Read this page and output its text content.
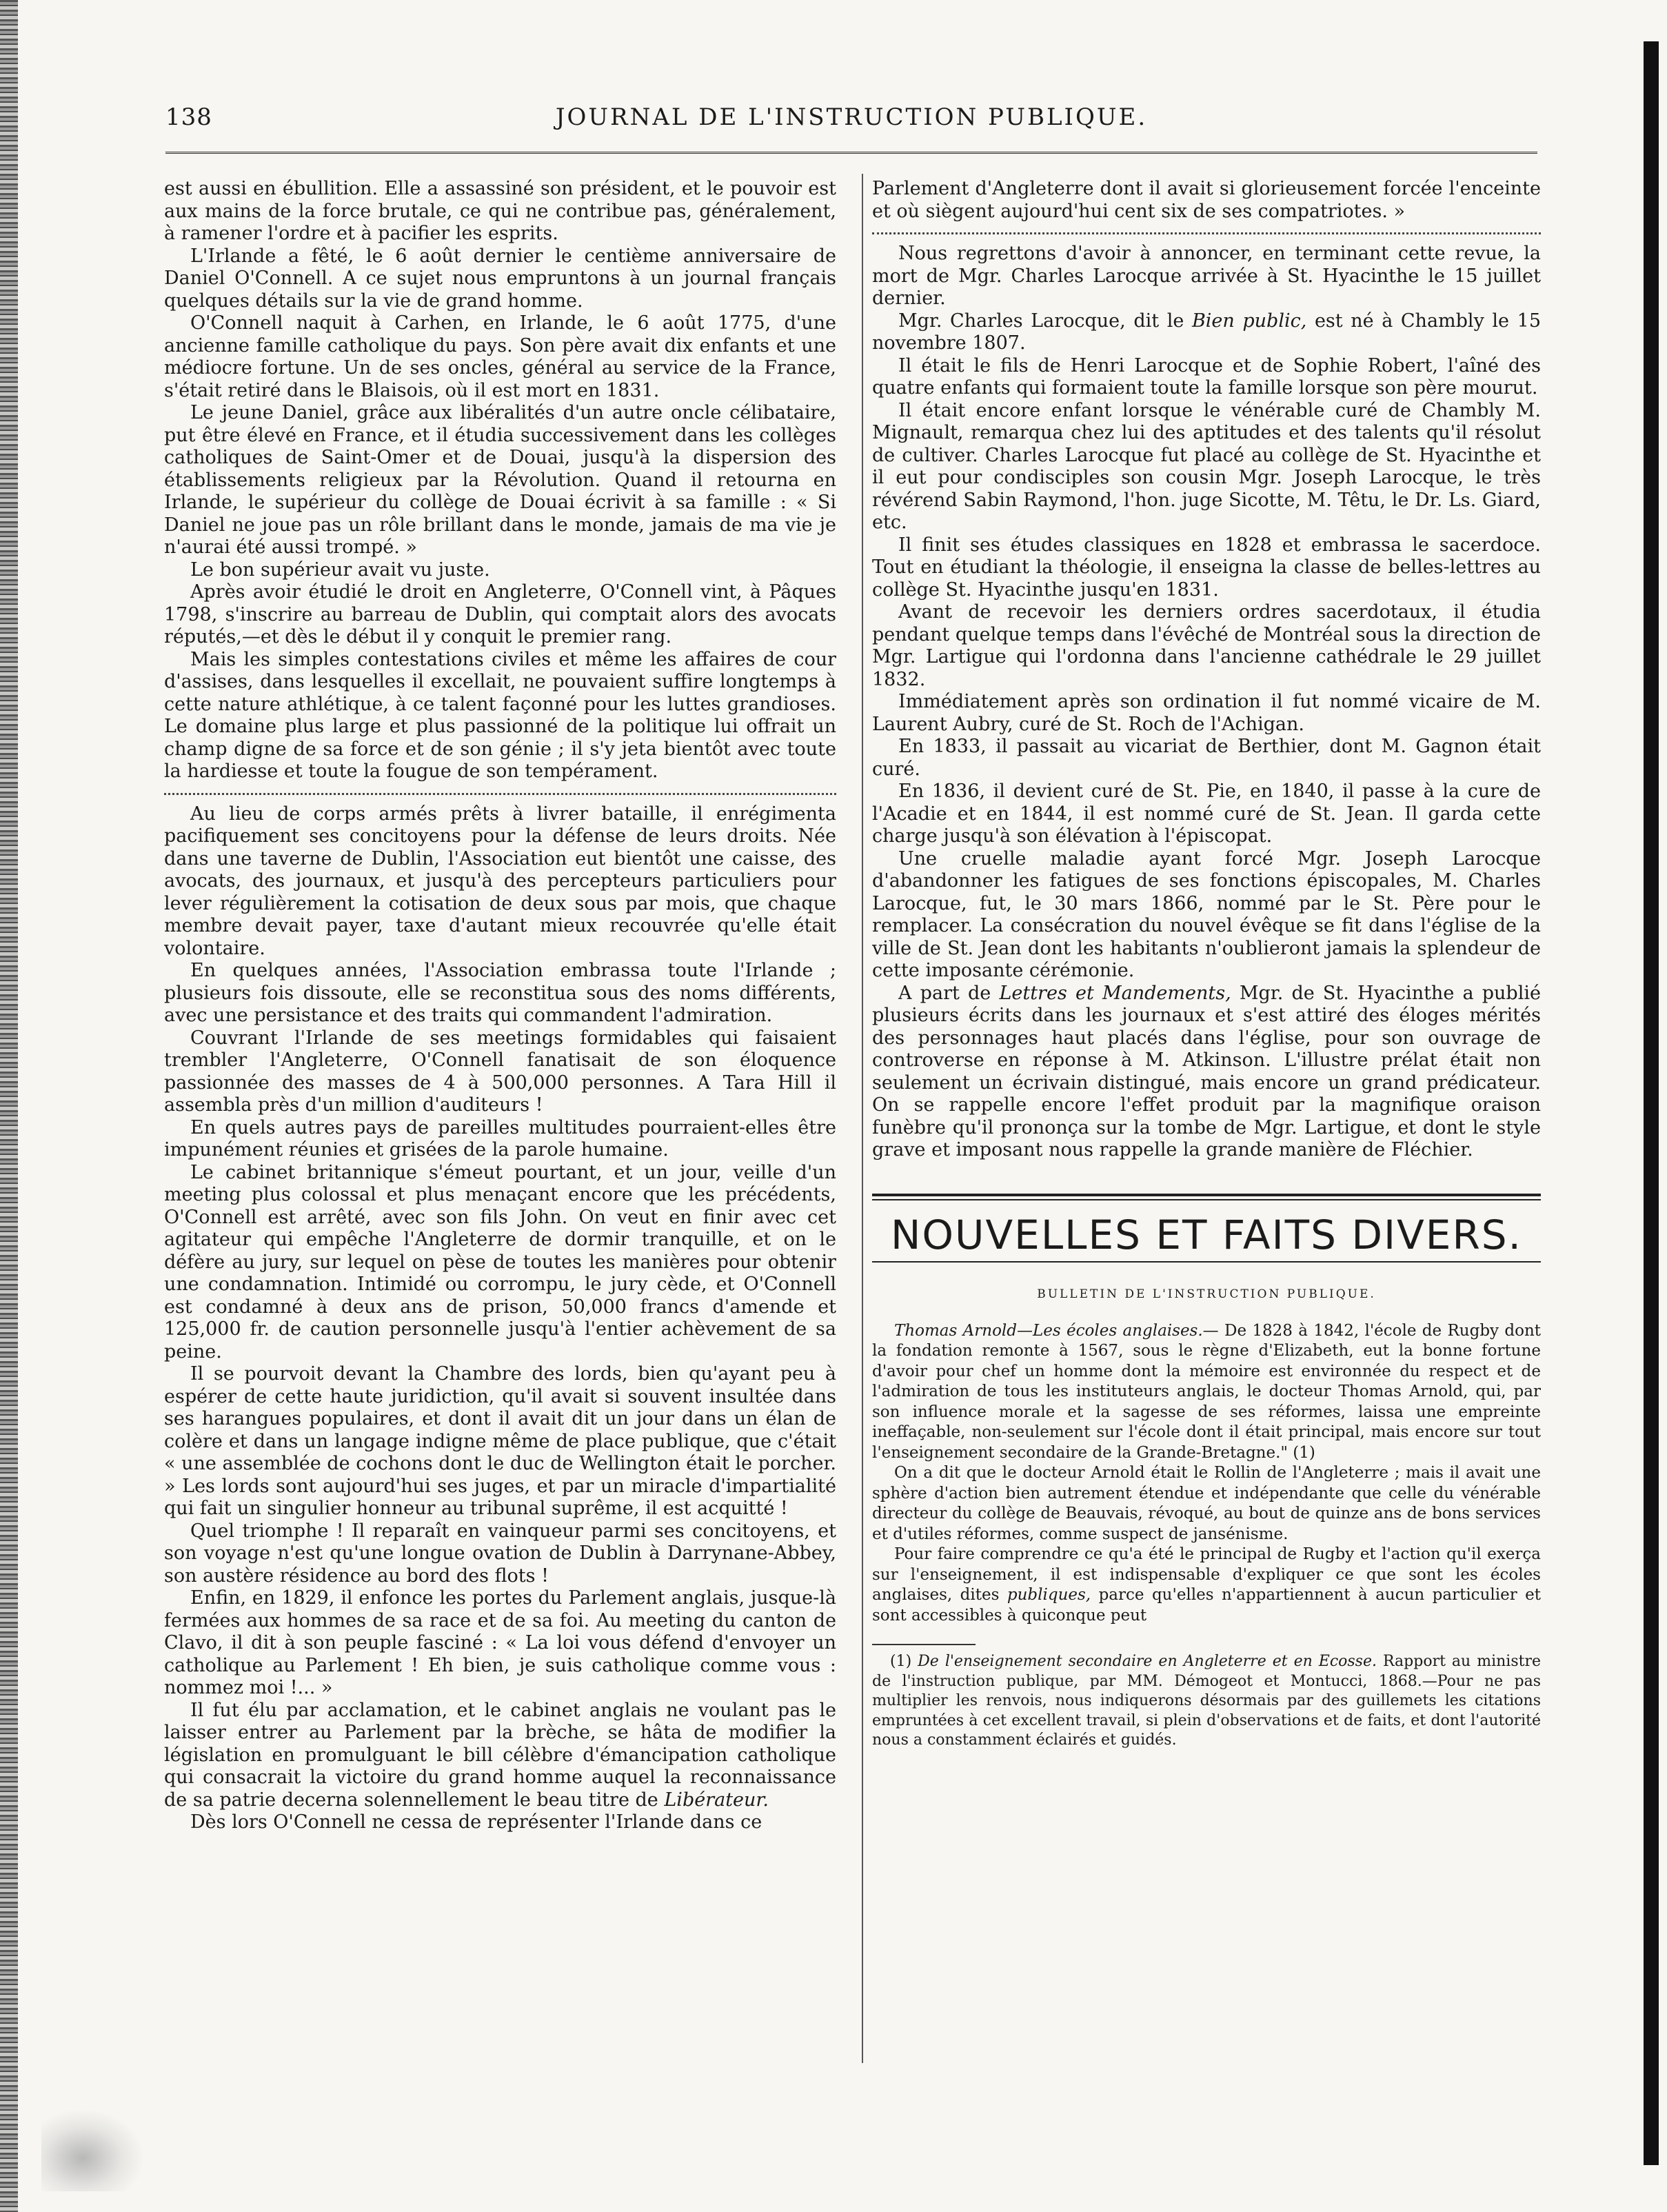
138	JOURNAL DE L'INSTRUCTION PUBLIQUE.

est aussi en ébullition. Elle a assassiné son président, et le pouvoir est aux mains de la force brutale, ce qui ne contribue pas, généralement, à ramener l'ordre et à pacifier les esprits.

L'Irlande a fêté, le 6 août dernier le centième anniversaire de Daniel O'Connell. A ce sujet nous empruntons à un journal français quelques détails sur la vie de grand homme.

O'Connell naquit à Carhen, en Irlande, le 6 août 1775, d'une ancienne famille catholique du pays. Son père avait dix enfants et une médiocre fortune. Un de ses oncles, général au service de la France, s'était retiré dans le Blaisois, où il est mort en 1831.

Le jeune Daniel, grâce aux libéralités d'un autre oncle célibataire, put être élevé en France, et il étudia successivement dans les collèges catholiques de Saint-Omer et de Douai, jusqu'à la dispersion des établissements religieux par la Révolution. Quand il retourna en Irlande, le supérieur du collège de Douai écrivit à sa famille : « Si Daniel ne joue pas un rôle brillant dans le monde, jamais de ma vie je n'aurai été aussi trompé. »

Le bon supérieur avait vu juste.

Après avoir étudié le droit en Angleterre, O'Connell vint, à Pâques 1798, s'inscrire au barreau de Dublin, qui comptait alors des avocats réputés,—et dès le début il y conquit le premier rang.

Mais les simples contestations civiles et même les affaires de cour d'assises, dans lesquelles il excellait, ne pouvaient suffire longtemps à cette nature athlétique, à ce talent façonné pour les luttes grandioses. Le domaine plus large et plus passionné de la politique lui offrait un champ digne de sa force et de son génie ; il s'y jeta bientôt avec toute la hardiesse et toute la fougue de son tempérament.

Au lieu de corps armés prêts à livrer bataille, il enrégimenta pacifiquement ses concitoyens pour la défense de leurs droits. Née dans une taverne de Dublin, l'Association eut bientôt une caisse, des avocats, des journaux, et jusqu'à des percepteurs particuliers pour lever régulièrement la cotisation de deux sous par mois, que chaque membre devait payer, taxe d'autant mieux recouvrée qu'elle était volontaire.

En quelques années, l'Association embrassa toute l'Irlande ; plusieurs fois dissoute, elle se reconstitua sous des noms différents, avec une persistance et des traits qui commandent l'admiration.

Couvrant l'Irlande de ses meetings formidables qui faisaient trembler l'Angleterre, O'Connell fanatisait de son éloquence passionnée des masses de 4 à 500,000 personnes. A Tara Hill il assembla près d'un million d'auditeurs !

En quels autres pays de pareilles multitudes pourraient-elles être impunément réunies et grisées de la parole humaine.

Le cabinet britannique s'émeut pourtant, et un jour, veille d'un meeting plus colossal et plus menaçant encore que les précédents, O'Connell est arrêté, avec son fils John. On veut en finir avec cet agitateur qui empêche l'Angleterre de dormir tranquille, et on le défère au jury, sur lequel on pèse de toutes les manières pour obtenir une condamnation. Intimidé ou corrompu, le jury cède, et O'Connell est condamné à deux ans de prison, 50,000 francs d'amende et 125,000 fr. de caution personnelle jusqu'à l'entier achèvement de sa peine.

Il se pourvoit devant la Chambre des lords, bien qu'ayant peu à espérer de cette haute juridiction, qu'il avait si souvent insultée dans ses harangues populaires, et dont il avait dit un jour dans un élan de colère et dans un langage indigne même de place publique, que c'était « une assemblée de cochons dont le duc de Wellington était le porcher. » Les lords sont aujourd'hui ses juges, et par un miracle d'impartialité qui fait un singulier honneur au tribunal suprême, il est acquitté !

Quel triomphe ! Il reparaît en vainqueur parmi ses concitoyens, et son voyage n'est qu'une longue ovation de Dublin à Darrynane-Abbey, son austère résidence au bord des flots !

Enfin, en 1829, il enfonce les portes du Parlement anglais, jusque-là fermées aux hommes de sa race et de sa foi. Au meeting du canton de Clavo, il dit à son peuple fasciné : « La loi vous défend d'envoyer un catholique au Parlement ! Eh bien, je suis catholique comme vous : nommez moi !... »

Il fut élu par acclamation, et le cabinet anglais ne voulant pas le laisser entrer au Parlement par la brèche, se hâta de modifier la législation en promulguant le bill célèbre d'émancipation catholique qui consacrait la victoire du grand homme auquel la reconnaissance de sa patrie decerna solennellement le beau titre de Libérateur.

Dès lors O'Connell ne cessa de représenter l'Irlande dans ce

Parlement d'Angleterre dont il avait si glorieusement forcée l'enceinte et où siègent aujourd'hui cent six de ses compatriotes. »

Nous regrettons d'avoir à annoncer, en terminant cette revue, la mort de Mgr. Charles Larocque arrivée à St. Hyacinthe le 15 juillet dernier.

Mgr. Charles Larocque, dit le Bien public, est né à Chambly le 15 novembre 1807.

Il était le fils de Henri Larocque et de Sophie Robert, l'aîné des quatre enfants qui formaient toute la famille lorsque son père mourut.

Il était encore enfant lorsque le vénérable curé de Chambly M. Mignault, remarqua chez lui des aptitudes et des talents qu'il résolut de cultiver. Charles Larocque fut placé au collège de St. Hyacinthe et il eut pour condisciples son cousin Mgr. Joseph Larocque, le très révérend Sabin Raymond, l'hon. juge Sicotte, M. Têtu, le Dr. Ls. Giard, etc.

Il finit ses études classiques en 1828 et embrassa le sacerdoce. Tout en étudiant la théologie, il enseigna la classe de belles-lettres au collège St. Hyacinthe jusqu'en 1831.

Avant de recevoir les derniers ordres sacerdotaux, il étudia pendant quelque temps dans l'évêché de Montréal sous la direction de Mgr. Lartigue qui l'ordonna dans l'ancienne cathédrale le 29 juillet 1832.

Immédiatement après son ordination il fut nommé vicaire de M. Laurent Aubry, curé de St. Roch de l'Achigan.

En 1833, il passait au vicariat de Berthier, dont M. Gagnon était curé.

En 1836, il devient curé de St. Pie, en 1840, il passe à la cure de l'Acadie et en 1844, il est nommé curé de St. Jean. Il garda cette charge jusqu'à son élévation à l'épiscopat.

Une cruelle maladie ayant forcé Mgr. Joseph Larocque d'abandonner les fatigues de ses fonctions épiscopales, M. Charles Larocque, fut, le 30 mars 1866, nommé par le St. Père pour le remplacer. La consécration du nouvel évêque se fit dans l'église de la ville de St. Jean dont les habitants n'oublieront jamais la splendeur de cette imposante cérémonie.

A part de Lettres et Mandements, Mgr. de St. Hyacinthe a publié plusieurs écrits dans les journaux et s'est attiré des éloges mérités des personnages haut placés dans l'église, pour son ouvrage de controverse en réponse à M. Atkinson. L'illustre prélat était non seulement un écrivain distingué, mais encore un grand prédicateur. On se rappelle encore l'effet produit par la magnifique oraison funèbre qu'il prononça sur la tombe de Mgr. Lartigue, et dont le style grave et imposant nous rappelle la grande manière de Fléchier.

NOUVELLES ET FAITS DIVERS.
BULLETIN DE L'INSTRUCTION PUBLIQUE.

Thomas Arnold—Les écoles anglaises.— De 1828 à 1842, l'école de Rugby dont la fondation remonte à 1567, sous le règne d'Elizabeth, eut la bonne fortune d'avoir pour chef un homme dont la mémoire est environnée du respect et de l'admiration de tous les instituteurs anglais, le docteur Thomas Arnold, qui, par son influence morale et la sagesse de ses réformes, laissa une empreinte ineffaçable, non-seulement sur l'école dont il était principal, mais encore sur tout l'enseignement secondaire de la Grande-Bretagne." (1)

On a dit que le docteur Arnold était le Rollin de l'Angleterre ; mais il avait une sphère d'action bien autrement étendue et indépendante que celle du vénérable directeur du collège de Beauvais, révoqué, au bout de quinze ans de bons services et d'utiles réformes, comme suspect de jansénisme.

Pour faire comprendre ce qu'a été le principal de Rugby et l'action qu'il exerça sur l'enseignement, il est indispensable d'expliquer ce que sont les écoles anglaises, dites publiques, parce qu'elles n'appartiennent à aucun particulier et sont accessibles à quiconque peut

(1) De l'enseignement secondaire en Angleterre et en Ecosse. Rapport au ministre de l'instruction publique, par MM. Démogeot et Montucci, 1868.—Pour ne pas multiplier les renvois, nous indiquerons désormais par des guillemets les citations empruntées à cet excellent travail, si plein d'observations et de faits, et dont l'autorité nous a constamment éclairés et guidés.
